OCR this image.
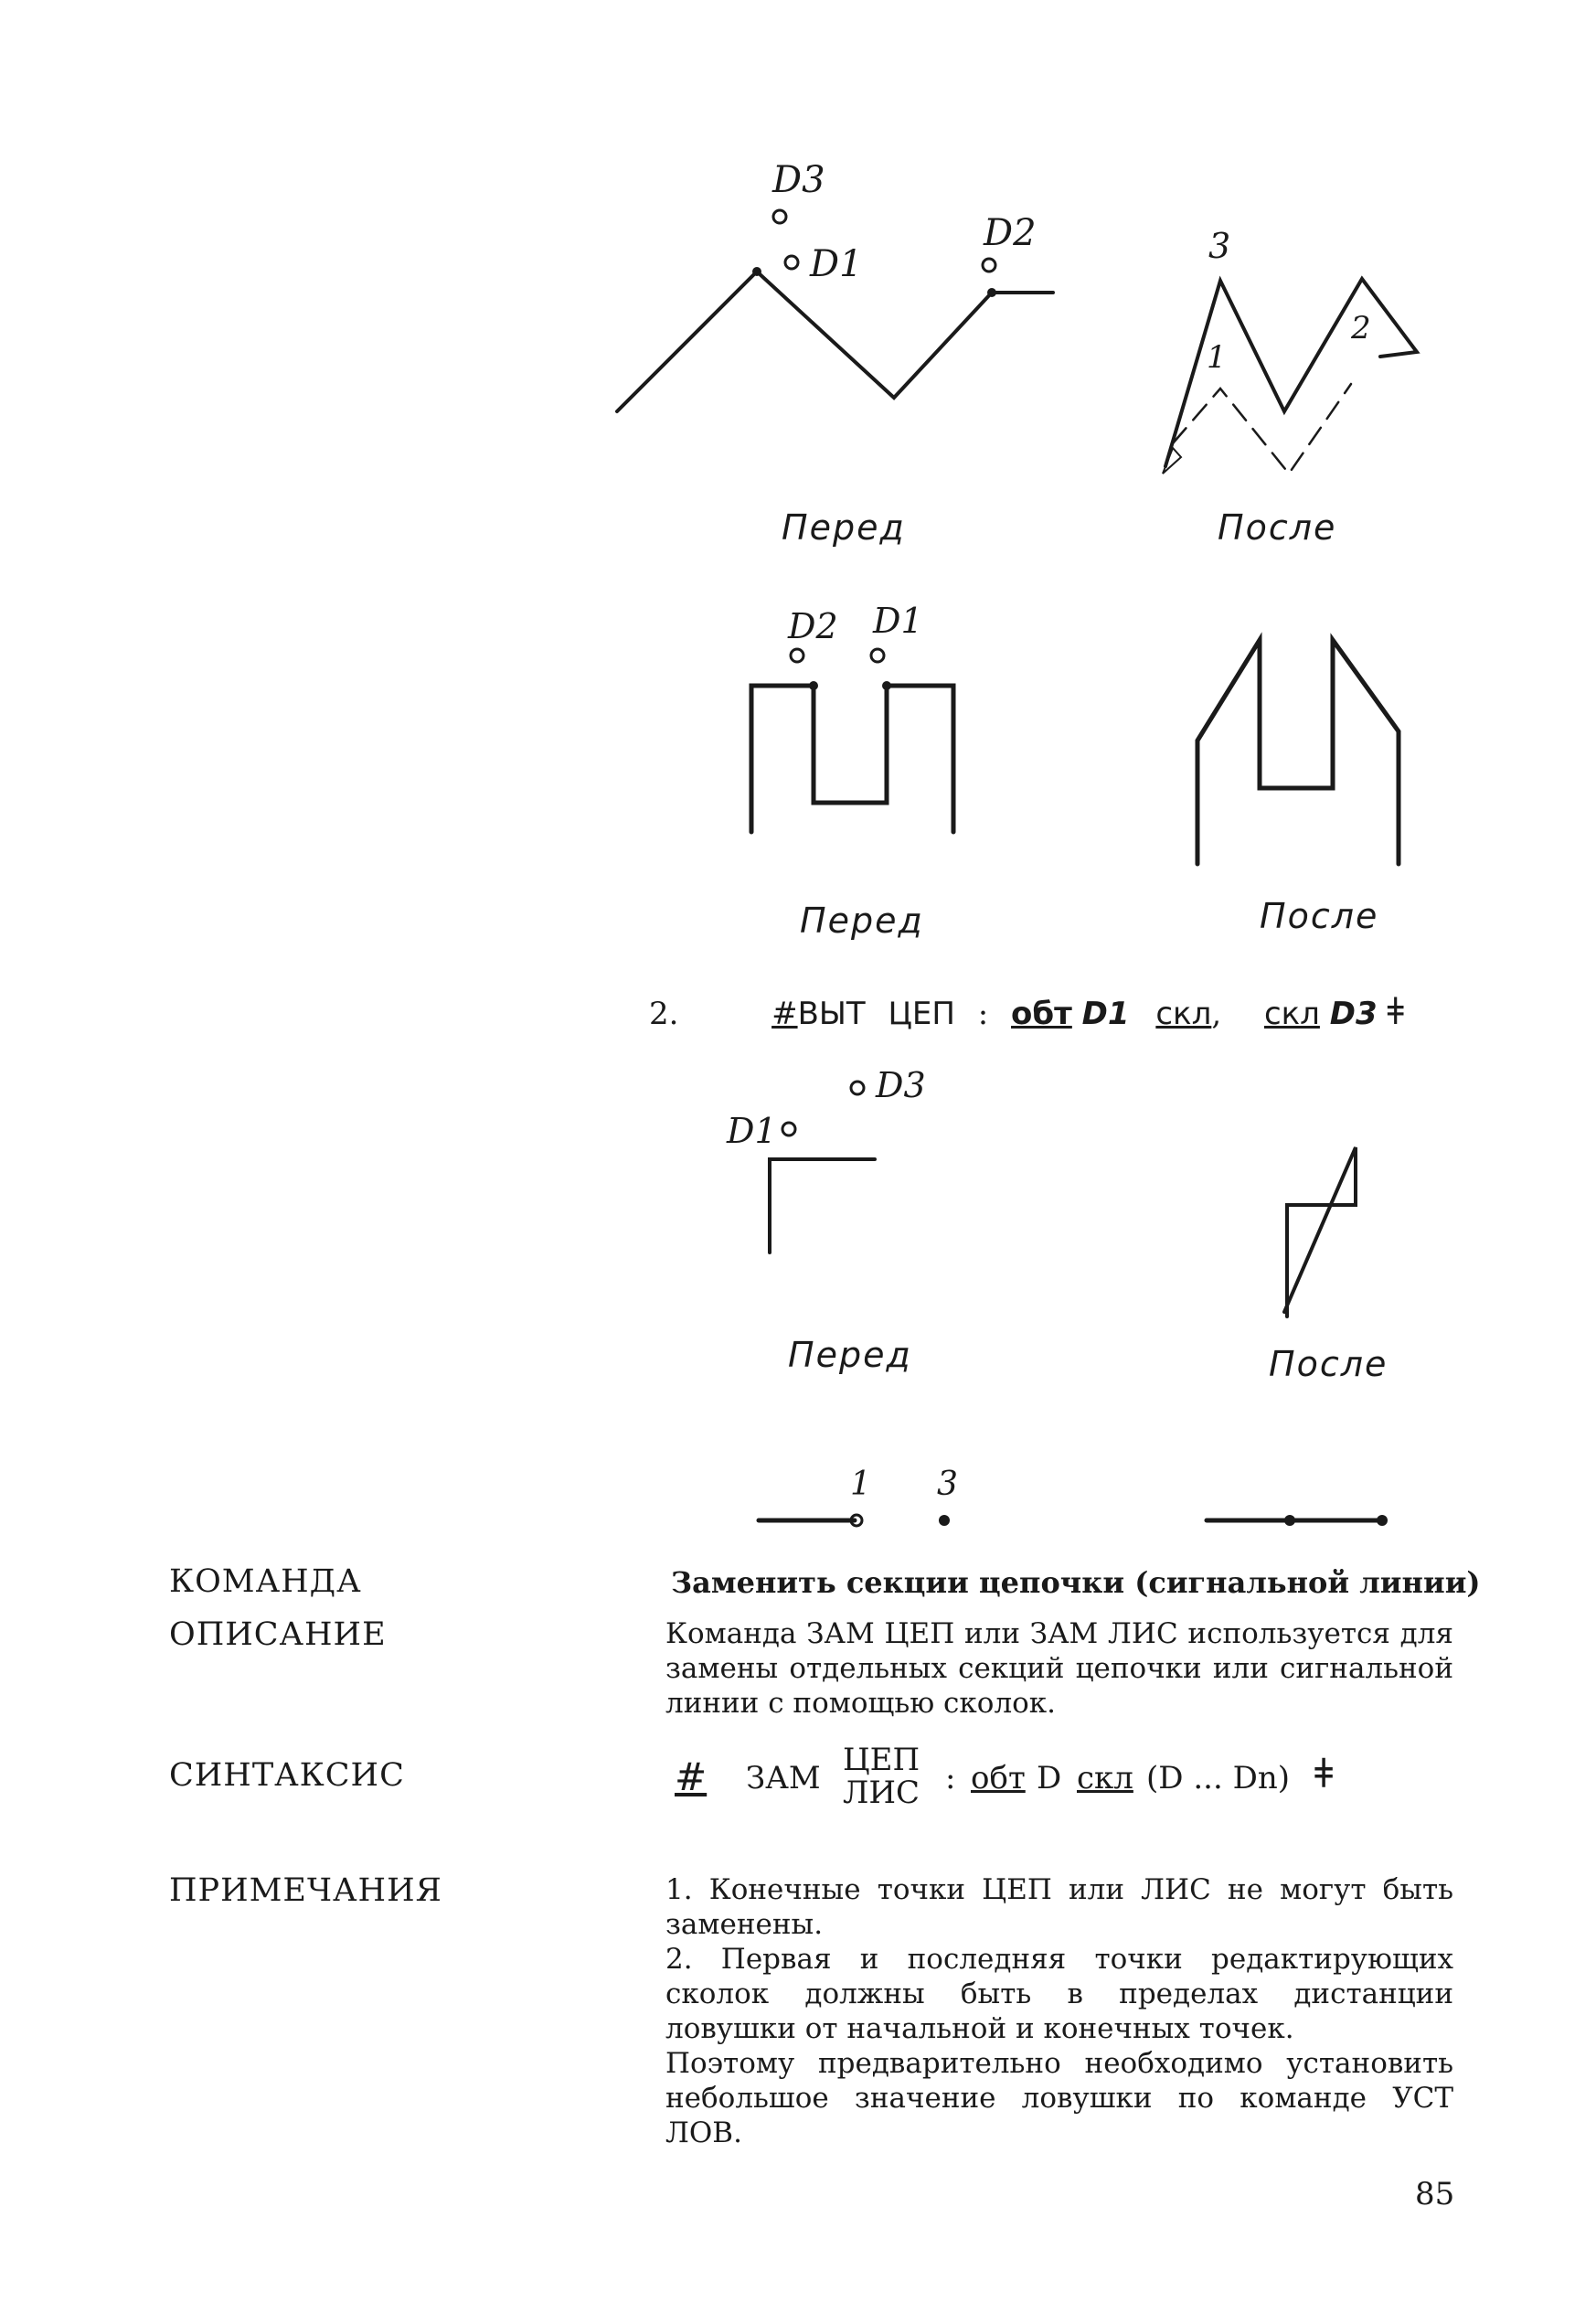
D3
D1
D2
Перед
3
1
2
После
D2 D1
Перед	После
D3
D1
Перед	После
1 3
2.	#ВЫТ ЦЕП : обт D1 скл, скл D3 ǂ
КОМАНДА	Заменить секции цепочки (сигнальной линии)
ОПИСАНИЕ	Команда ЗАМ ЦЕП или ЗАМ ЛИС используется для замены отдельных секций цепочки или сигнальной линии с помощью сколок.
СИНТАКСИС	# ЗАМ ЦЕП
ЛИС : обт D скл (D ... Dn) ǂ
ПРИМЕЧАНИЯ	1. Конечные точки ЦЕП или ЛИС не могут быть заменены.
2. Первая и последняя точки редактирующих сколок должны быть в пределах дистанции ловушки от начальной и конечных точек.
Поэтому предварительно необходимо установить небольшое значение ловушки по команде УСТ ЛОВ.
85
